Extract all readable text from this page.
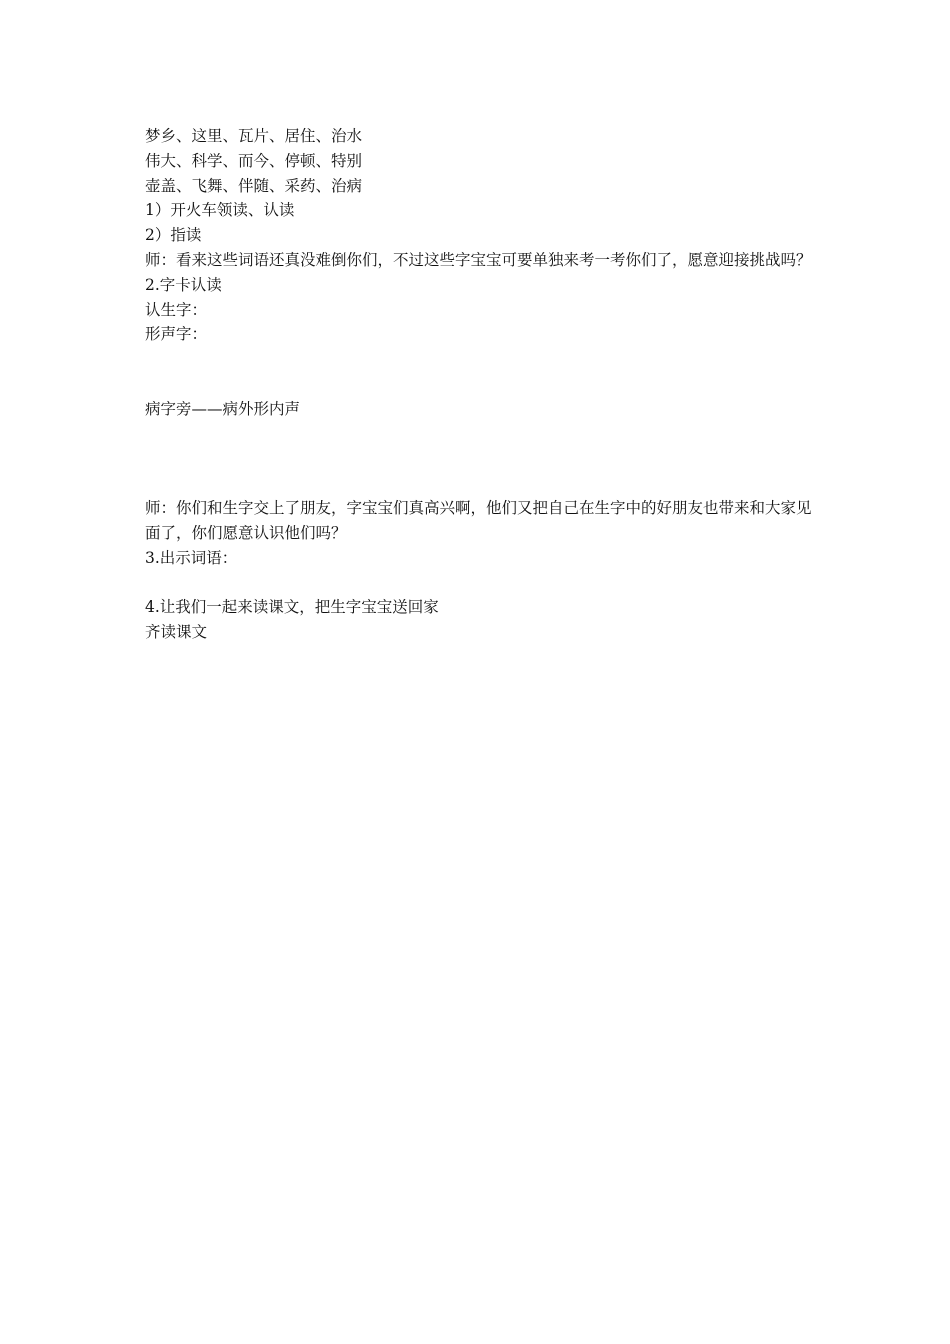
梦乡、这里、瓦片、居住、治水
伟大、科学、而今、停顿、特别
壶盖、飞舞、伴随、采药、治病
1）开火车领读、认读
2）指读
师：看来这些词语还真没难倒你们，不过这些字宝宝可要单独来考一考你们了，愿意迎接挑战吗？
2.字卡认读
认生字：
形声字：

病字旁——病外形内声

师：你们和生字交上了朋友，字宝宝们真高兴啊，他们又把自己在生字中的好朋友也带来和大家见面了，你们愿意认识他们吗？
3.出示词语：

4.让我们一起来读课文，把生字宝宝送回家
齐读课文
